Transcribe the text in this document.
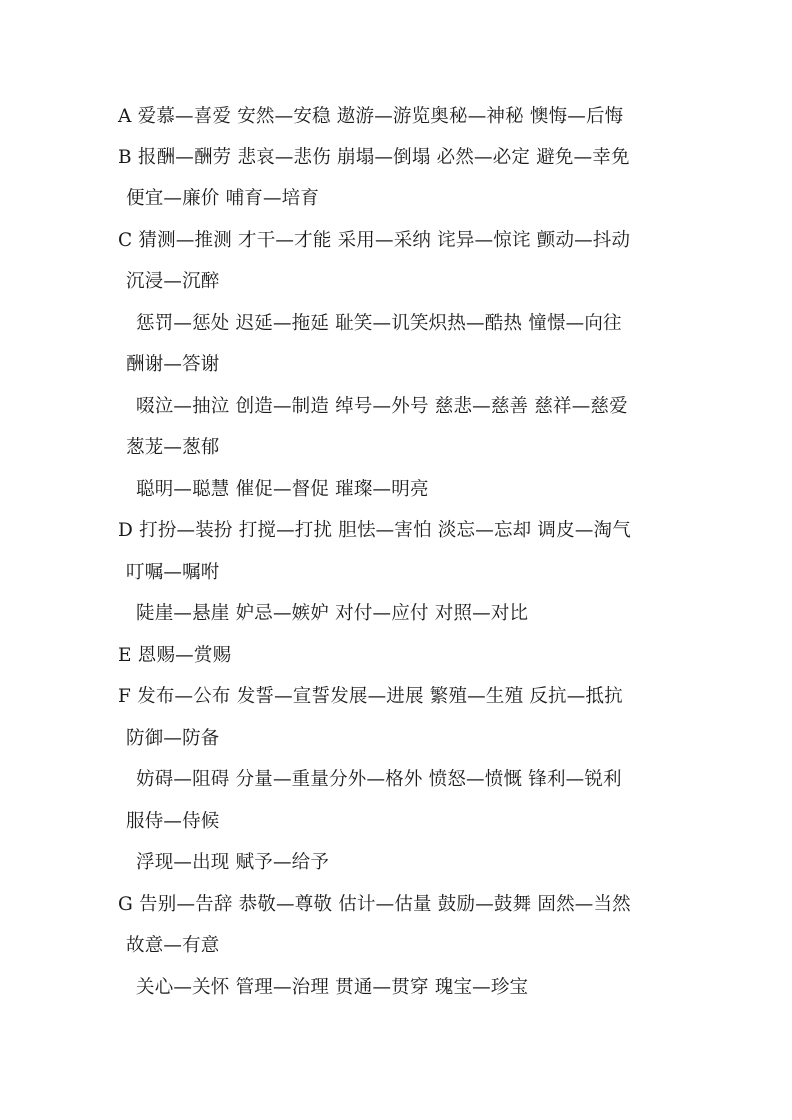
A 爱慕—喜爱 安然—安稳 遨游—游览奥秘—神秘 懊悔—后悔
B 报酬—酬劳 悲哀—悲伤 崩塌—倒塌 必然—必定 避免—幸免
便宜—廉价 哺育—培育
C 猜测—推测 才干—才能 采用—采纳 诧异—惊诧 颤动—抖动
沉浸—沉醉
惩罚—惩处 迟延—拖延 耻笑—讥笑炽热—酷热 憧憬—向往
酬谢—答谢
啜泣—抽泣 创造—制造 绰号—外号 慈悲—慈善 慈祥—慈爱
葱茏—葱郁
聪明—聪慧 催促—督促 璀璨—明亮
D 打扮—装扮 打搅—打扰 胆怯—害怕 淡忘—忘却 调皮—淘气
叮嘱—嘱咐
陡崖—悬崖 妒忌—嫉妒 对付—应付 对照—对比
E 恩赐—赏赐
F 发布—公布 发誓—宣誓发展—进展 繁殖—生殖 反抗—抵抗
防御—防备
妨碍—阻碍 分量—重量分外—格外 愤怒—愤慨 锋利—锐利
服侍—侍候
浮现—出现 赋予—给予
G 告别—告辞 恭敬—尊敬 估计—估量 鼓励—鼓舞 固然—当然
故意—有意
关心—关怀 管理—治理 贯通—贯穿 瑰宝—珍宝
